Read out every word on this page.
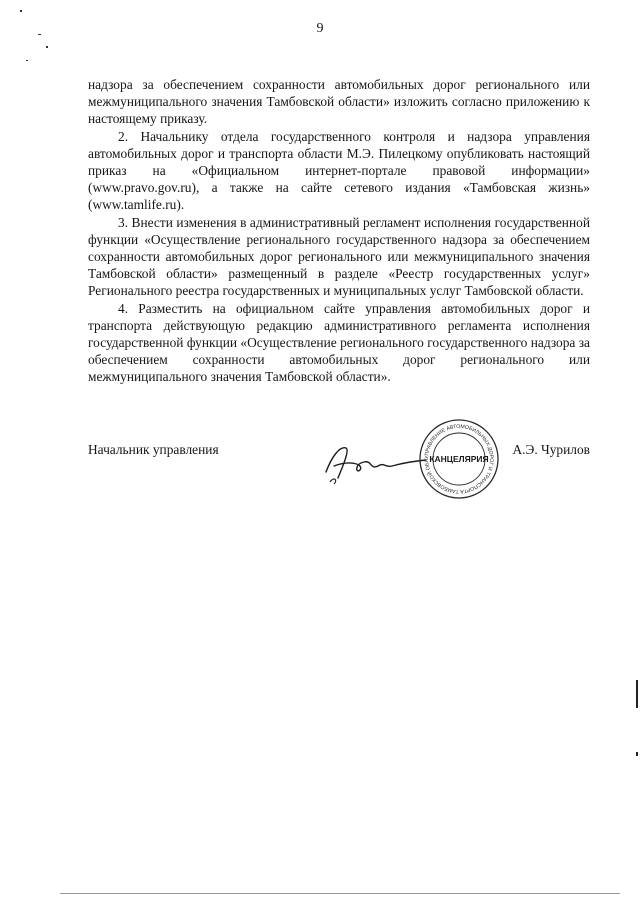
9

надзора за обеспечением сохранности автомобильных дорог регионального или межмуниципального значения Тамбовской области» изложить согласно приложению к настоящему приказу.

2. Начальнику отдела государственного контроля и надзора управления автомобильных дорог и транспорта области М.Э. Пилецкому опубликовать настоящий приказ на «Официальном интернет-портале правовой информации» (www.pravo.gov.ru), а также на сайте сетевого издания «Тамбовская жизнь» (www.tamlife.ru).

3. Внести изменения в административный регламент исполнения государственной функции «Осуществление регионального государственного надзора за обеспечением сохранности автомобильных дорог регионального или межмуниципального значения Тамбовской области» размещенный в разделе «Реестр государственных услуг» Регионального реестра государственных и муниципальных услуг Тамбовской области.

4. Разместить на официальном сайте управления автомобильных дорог и транспорта действующую редакцию административного регламента исполнения государственной функции «Осуществление регионального государственного надзора за обеспечением сохранности автомобильных дорог регионального или межмуниципального значения Тамбовской области».

Начальник управления
УПРАВЛЕНИЕ АВТОМОБИЛЬНЫХ ДОРОГ И ТРАНСПОРТА ТАМБОВСКОЙ ОБЛ КАНЦЕЛЯРИЯ
А.Э. Чурилов
